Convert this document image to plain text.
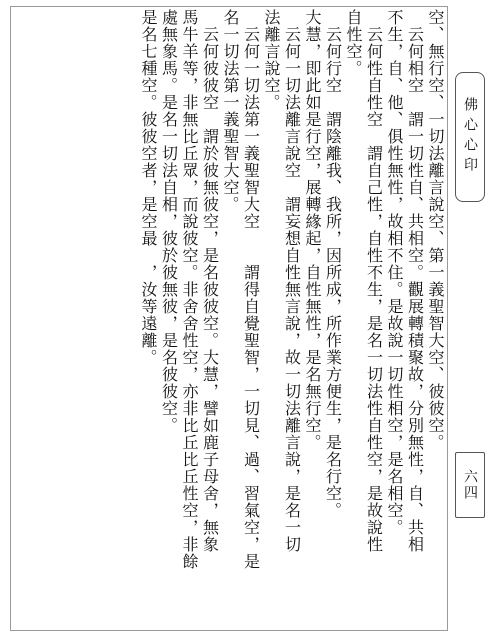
空、無行空、一切法離言說空、第一義聖智大空、彼彼空。
　云何相空　謂一切性自、共相空。觀展轉積聚故，分別無性，自、共相
不生，自、他、俱性無性，故相不住。是故說一切性相空，是名相空。
　云何性自性空　謂自己性，自性不生，是名一切法性自性空，是故說性
自性空。
　云何行空　謂陰離我、我所，因所成，所作業方便生，是名行空。
大慧，即此如是行空，展轉緣起，自性無性，是名無行空。
　云何一切法離言說空　謂妄想自性無言說，故一切法離言說，是名一切
法離言說空。
　云何一切法第一義聖智大空　　謂得自覺聖智，一切見、過、習氣空，是
名一切法第一義聖智大空。
　云何彼彼空　謂於彼無彼空，是名彼彼空。大慧，譬如鹿子母舍，無象
馬牛羊等，非無比丘眾，而說彼空。非舍舍性空，亦非比丘比丘性空，非餘
處無象馬。是名一切法自相，彼於彼無彼，是名彼彼空。
是名七種空。彼彼空者，是空最　，汝等遠離。	佛心心印
六四
